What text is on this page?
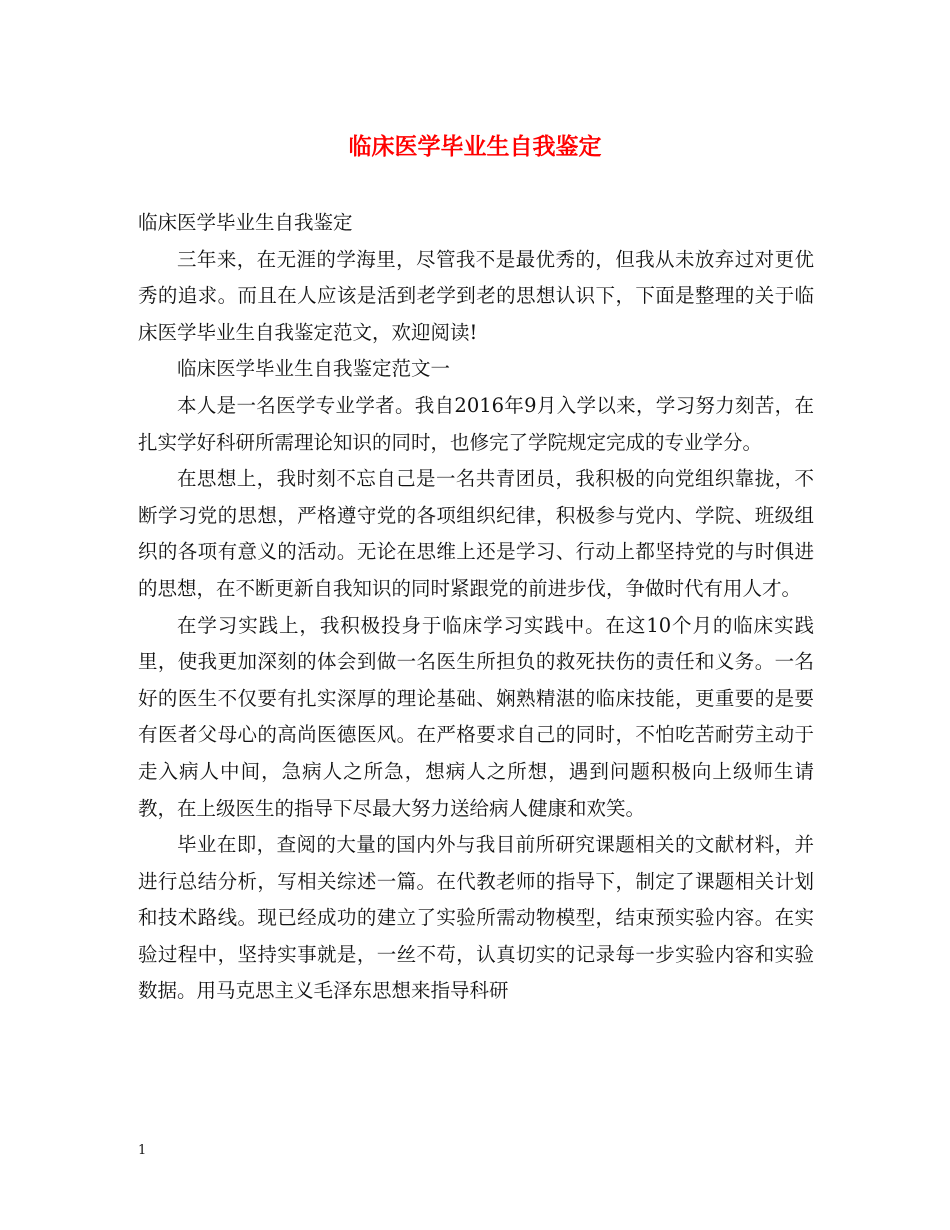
临床医学毕业生自我鉴定

临床医学毕业生自我鉴定

三年来，在无涯的学海里，尽管我不是最优秀的，但我从未放弃过对更优秀的追求。而且在人应该是活到老学到老的思想认识下，下面是整理的关于临床医学毕业生自我鉴定范文，欢迎阅读!

临床医学毕业生自我鉴定范文一

本人是一名医学专业学者。我自2016年9月入学以来，学习努力刻苦，在扎实学好科研所需理论知识的同时，也修完了学院规定完成的专业学分。

在思想上，我时刻不忘自己是一名共青团员，我积极的向党组织靠拢，不断学习党的思想，严格遵守党的各项组织纪律，积极参与党内、学院、班级组织的各项有意义的活动。无论在思维上还是学习、行动上都坚持党的与时俱进的思想，在不断更新自我知识的同时紧跟党的前进步伐，争做时代有用人才。

在学习实践上，我积极投身于临床学习实践中。在这10个月的临床实践里，使我更加深刻的体会到做一名医生所担负的救死扶伤的责任和义务。一名好的医生不仅要有扎实深厚的理论基础、娴熟精湛的临床技能，更重要的是要有医者父母心的高尚医德医风。在严格要求自己的同时，不怕吃苦耐劳主动于走入病人中间，急病人之所急，想病人之所想，遇到问题积极向上级师生请教，在上级医生的指导下尽最大努力送给病人健康和欢笑。

毕业在即，查阅的大量的国内外与我目前所研究课题相关的文献材料，并进行总结分析，写相关综述一篇。在代教老师的指导下，制定了课题相关计划和技术路线。现已经成功的建立了实验所需动物模型，结束预实验内容。在实验过程中，坚持实事就是，一丝不苟，认真切实的记录每一步实验内容和实验数据。用马克思主义毛泽东思想来指导科研

1
